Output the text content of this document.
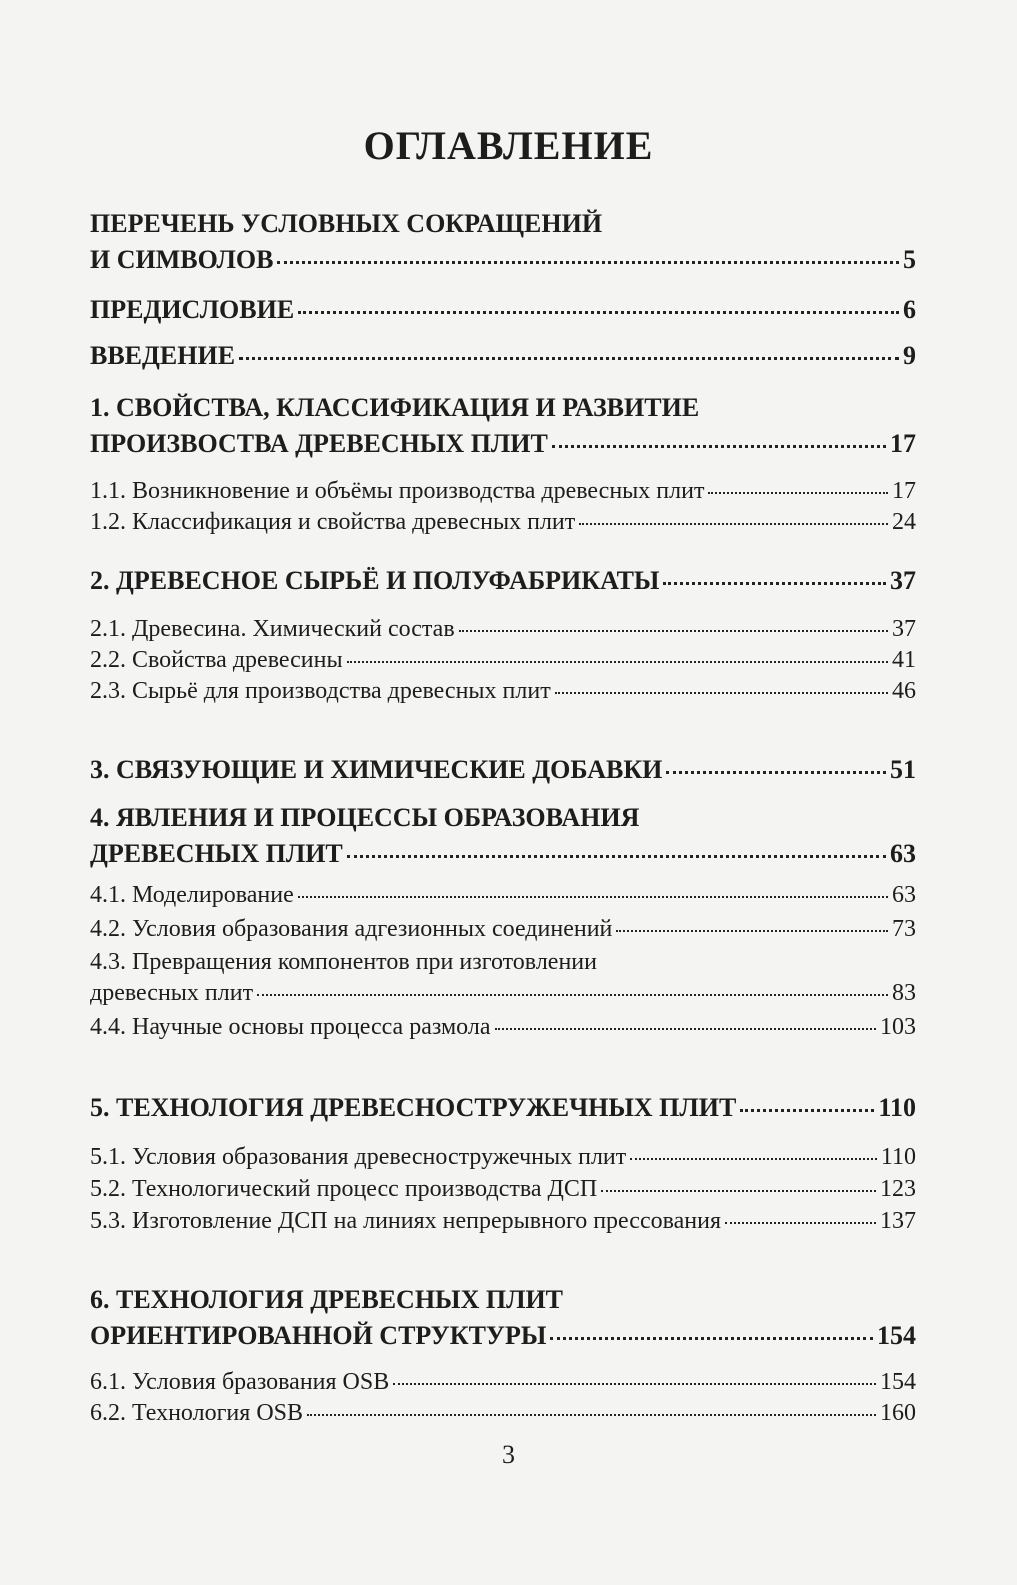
ОГЛАВЛЕНИЕ
ПЕРЕЧЕНЬ УСЛОВНЫХ СОКРАЩЕНИЙ
И СИМВОЛОВ	5
ПРЕДИСЛОВИЕ	6
ВВЕДЕНИЕ	9
1. СВОЙСТВА, КЛАССИФИКАЦИЯ И РАЗВИТИЕ
ПРОИЗВОСТВА ДРЕВЕСНЫХ ПЛИТ	17
1.1. Возникновение и объёмы производства древесных плит	17
1.2. Классификация и свойства древесных плит	24
2. ДРЕВЕСНОЕ СЫРЬЁ И ПОЛУФАБРИКАТЫ	37
2.1. Древесина. Химический состав	37
2.2. Свойства древесины	41
2.3. Сырьё для производства древесных плит	46
3. СВЯЗУЮЩИЕ И ХИМИЧЕСКИЕ ДОБАВКИ	51
4. ЯВЛЕНИЯ И ПРОЦЕССЫ ОБРАЗОВАНИЯ
ДРЕВЕСНЫХ ПЛИТ	63
4.1. Моделирование	63
4.2. Условия образования адгезионных соединений	73
4.3. Превращения компонентов при изготовлении
древесных плит	83
4.4. Научные основы процесса размола	103
5. ТЕХНОЛОГИЯ ДРЕВЕСНОСТРУЖЕЧНЫХ ПЛИТ	110
5.1. Условия образования древесностружечных плит	110
5.2. Технологический процесс производства ДСП	123
5.3. Изготовление ДСП на линиях непрерывного прессования	137
6. ТЕХНОЛОГИЯ ДРЕВЕСНЫХ ПЛИТ
ОРИЕНТИРОВАННОЙ СТРУКТУРЫ	154
6.1. Условия бразования OSB	154
6.2. Технология OSB	160
3
